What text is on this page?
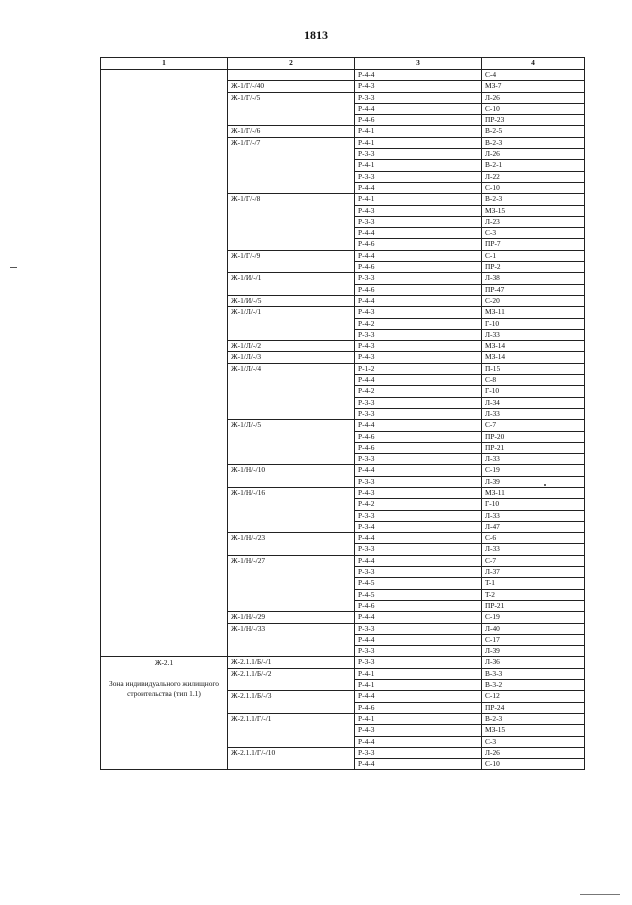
1813
1	2	3	4
		P-4-4	C-4
	Ж-1/Г/-/40	P-4-3	МЗ-7
	Ж-1/Г/-/5	P-3-3	Л-26
		P-4-4	C-10
		P-4-6	ПР-23
	Ж-1/Г/-/6	P-4-1	B-2-5
	Ж-1/Г/-/7	P-4-1	B-2-3
		P-3-3	Л-26
		P-4-1	B-2-1
		P-3-3	Л-22
		P-4-4	C-10
	Ж-1/Г/-/8	P-4-1	B-2-3
		P-4-3	МЗ-15
		P-3-3	Л-23
		P-4-4	C-3
		P-4-6	ПР-7
	Ж-1/Г/-/9	P-4-4	C-1
		P-4-6	ПР-2
	Ж-1/И/-/1	P-3-3	Л-38
		P-4-6	ПР-47
	Ж-1/И/-/5	P-4-4	C-20
	Ж-1/Л/-/1	P-4-3	МЗ-11
		P-4-2	Г-10
		P-3-3	Л-33
	Ж-1/Л/-/2	P-4-3	МЗ-14
	Ж-1/Л/-/3	P-4-3	МЗ-14
	Ж-1/Л/-/4	P-1-2	П-15
		P-4-4	C-8
		P-4-2	Г-10
		P-3-3	Л-34
		P-3-3	Л-33
	Ж-1/Л/-/5	P-4-4	C-7
		P-4-6	ПР-20
		P-4-6	ПР-21
		P-3-3	Л-33
	Ж-1/Н/-/10	P-4-4	C-19
		P-3-3	Л-39
	Ж-1/Н/-/16	P-4-3	МЗ-11
		P-4-2	Г-10
		P-3-3	Л-33
		P-3-4	Л-47
	Ж-1/Н/-/23	P-4-4	C-6
		P-3-3	Л-33
	Ж-1/Н/-/27	P-4-4	C-7
		P-3-3	Л-37
		P-4-5	T-1
		P-4-5	T-2
		P-4-6	ПР-21
	Ж-1/Н/-/29	P-4-4	C-19
	Ж-1/Н/-/33	P-3-3	Л-40
		P-4-4	C-17
		P-3-3	Л-39

Ж-2.1
Зона индивидуального жилищного строительства (тип 1.1)	Ж-2.1.1/Б/-/1	P-3-3	Л-36
	Ж-2.1.1/Б/-/2	P-4-1	B-3-3
		P-4-1	B-3-2
	Ж-2.1.1/Б/-/3	P-4-4	C-12
		P-4-6	ПР-24
	Ж-2.1.1/Г/-/1	P-4-1	B-2-3
		P-4-3	МЗ-15
		P-4-4	C-3
	Ж-2.1.1/Г/-/10	P-3-3	Л-26
		P-4-4	C-10
